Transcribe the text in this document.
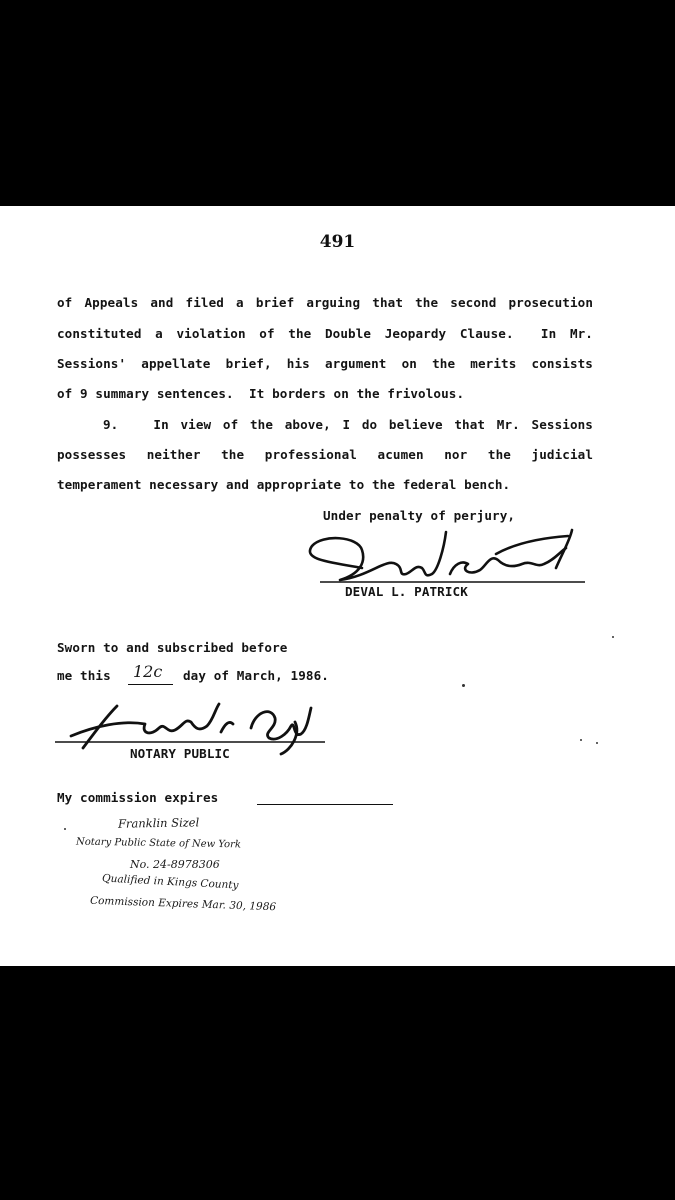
491
of Appeals and filed a brief arguing that the second prosecution
constituted a violation of the Double Jeopardy Clause.  In Mr.
Sessions' appellate brief, his argument on the merits consists
of 9 summary sentences.  It borders on the frivolous.
9.   In view of the above, I do believe that Mr. Sessions
possesses neither the professional acumen nor the judicial
temperament necessary and appropriate to the federal bench.
Under penalty of perjury,
DEVAL L. PATRICK
Sworn to and subscribed before
me this 12c day of March, 1986.
NOTARY PUBLIC
My commission expires
Franklin Sizel
Notary Public State of New York
No. 24-8978306
Qualified in Kings County
Commission Expires Mar. 30, 1986
